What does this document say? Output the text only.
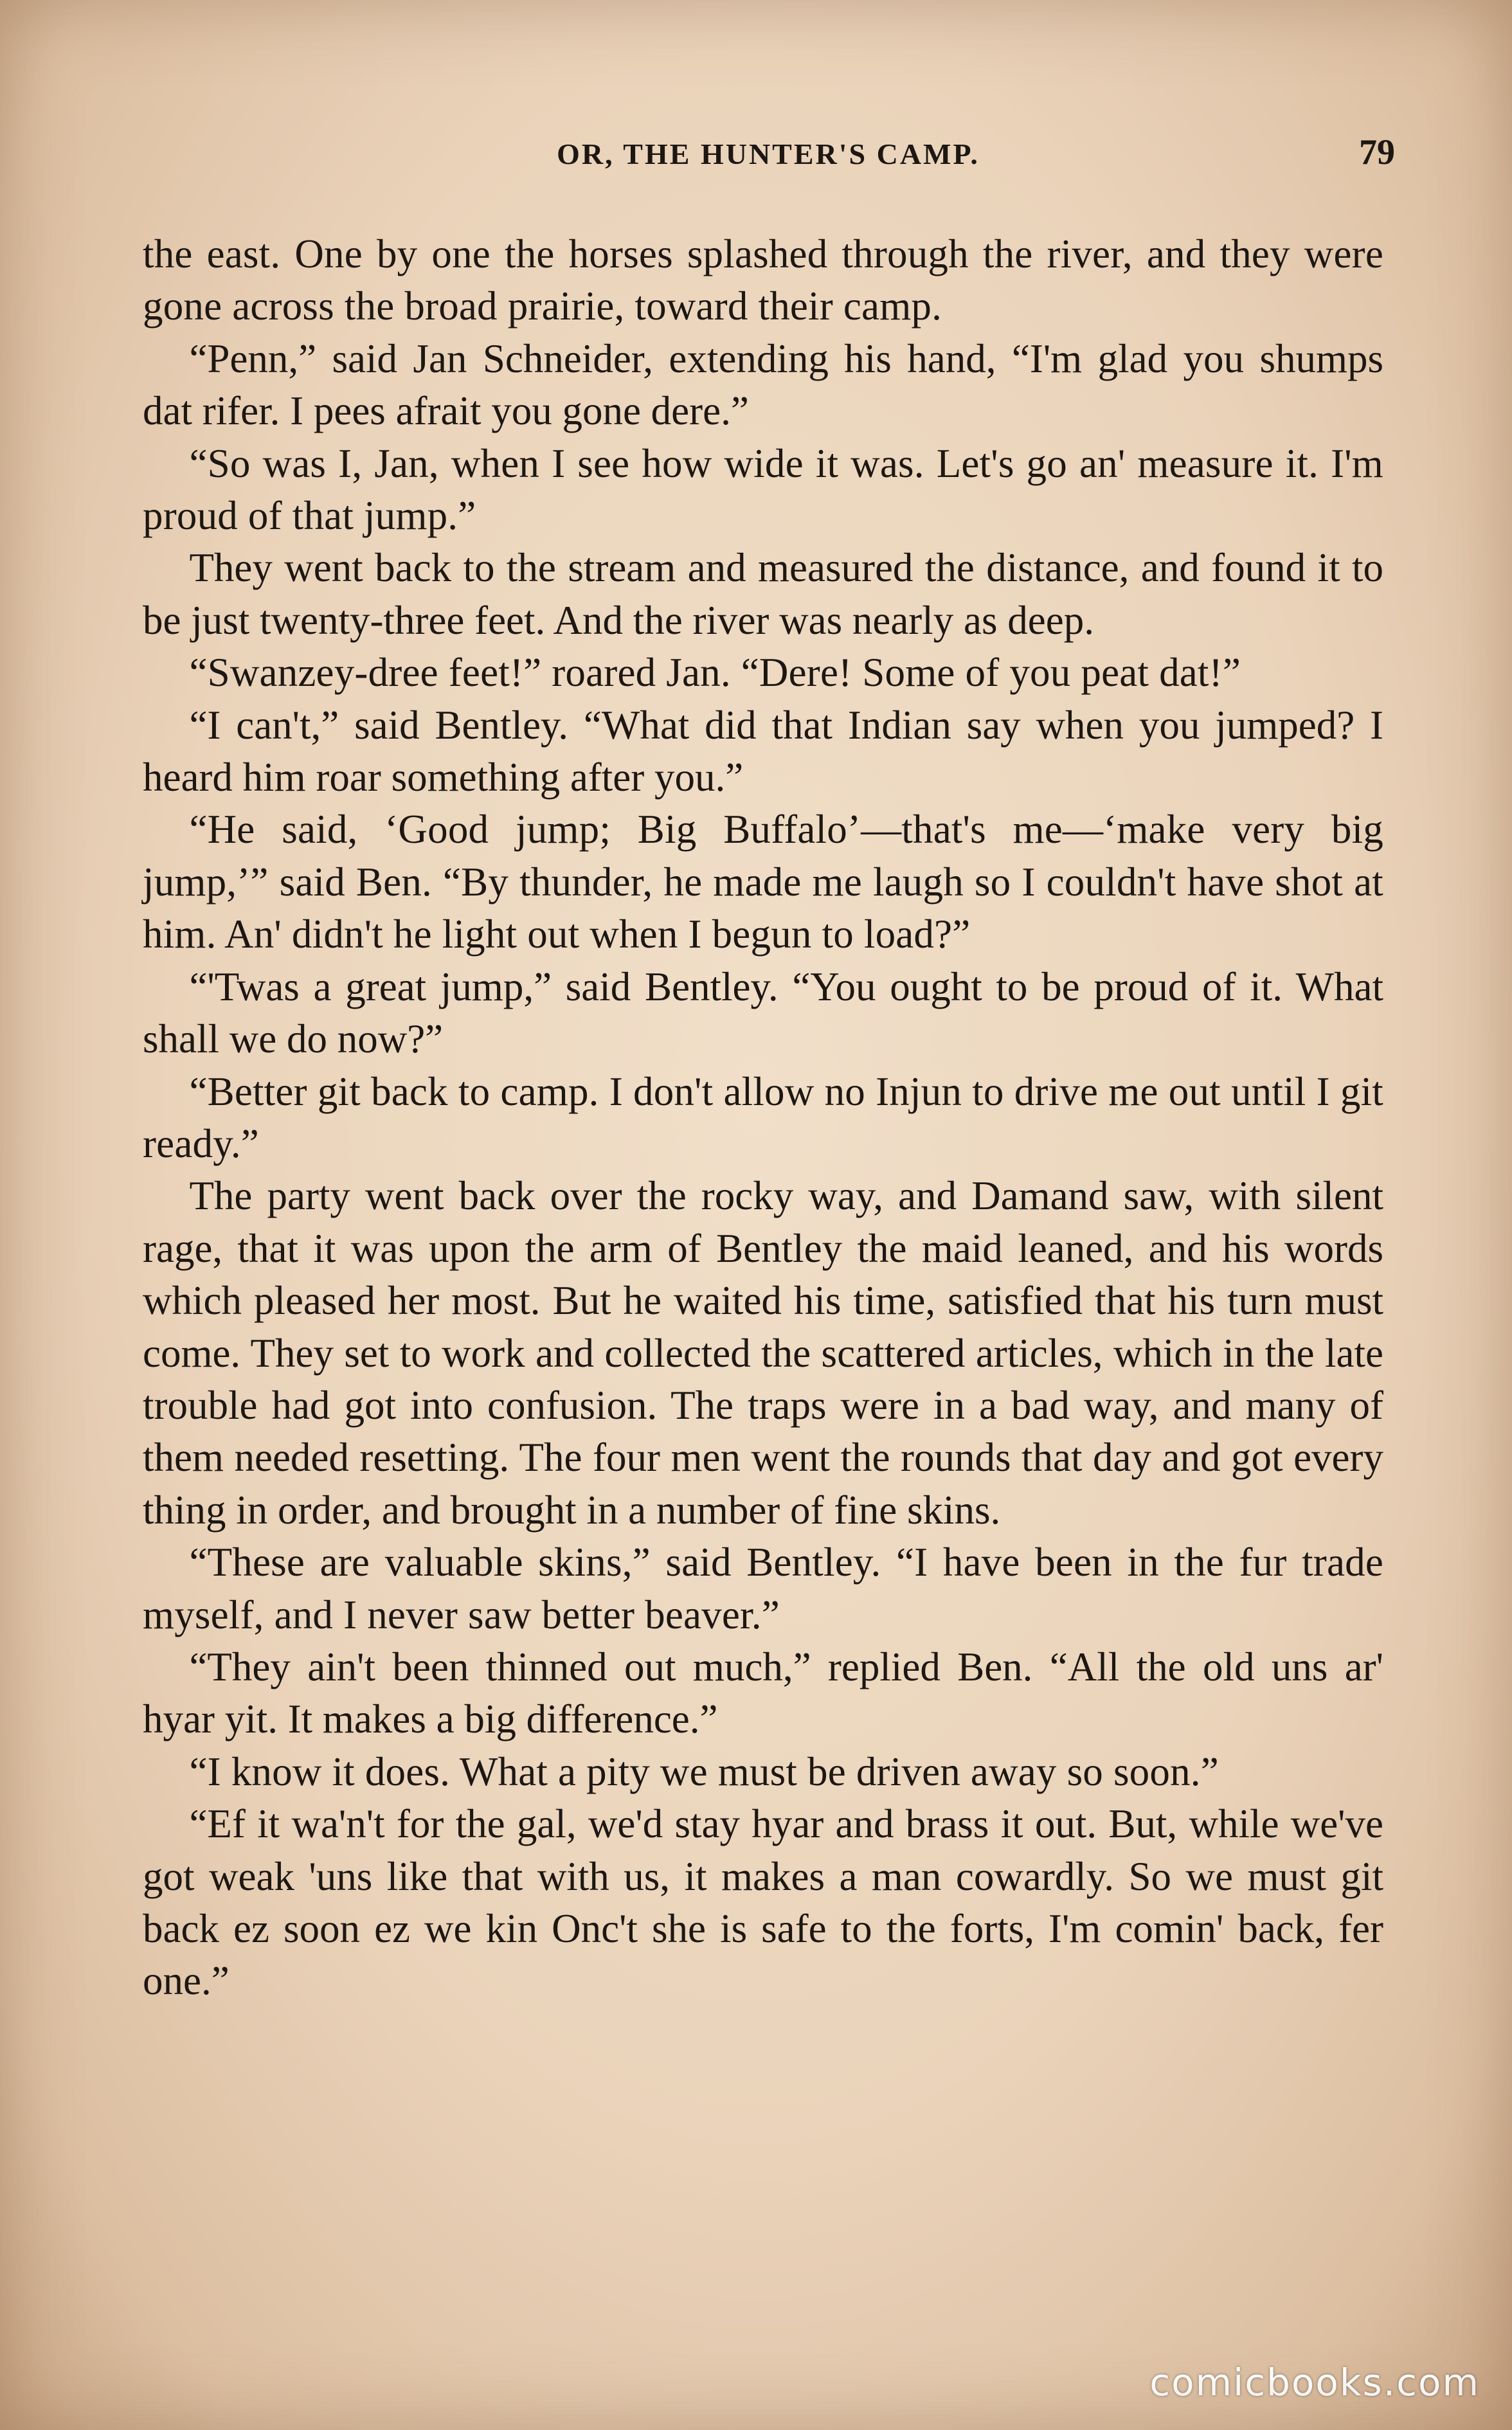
OR, THE HUNTER'S CAMP.	79

the east. One by one the horses splashed through the river, and they were gone across the broad prairie, toward their camp.

“Penn,” said Jan Schneider, extending his hand, “I'm glad you shumps dat rifer. I pees afrait you gone dere.”

“So was I, Jan, when I see how wide it was. Let's go an' measure it. I'm proud of that jump.”

They went back to the stream and measured the distance, and found it to be just twenty-three feet. And the river was nearly as deep.

“Swanzey-dree feet!” roared Jan. “Dere! Some of you peat dat!”

“I can't,” said Bentley. “What did that Indian say when you jumped? I heard him roar something after you.”

“He said, ‘Good jump; Big Buffalo’—that's me—‘make very big jump,’” said Ben. “By thunder, he made me laugh so I couldn't have shot at him. An' didn't he light out when I begun to load?”

“'Twas a great jump,” said Bentley. “You ought to be proud of it. What shall we do now?”

“Better git back to camp. I don't allow no Injun to drive me out until I git ready.”

The party went back over the rocky way, and Damand saw, with silent rage, that it was upon the arm of Bentley the maid leaned, and his words which pleased her most. But he waited his time, satisfied that his turn must come. They set to work and collected the scattered articles, which in the late trouble had got into confusion. The traps were in a bad way, and many of them needed resetting. The four men went the rounds that day and got every thing in order, and brought in a number of fine skins.

“These are valuable skins,” said Bentley. “I have been in the fur trade myself, and I never saw better beaver.”

“They ain't been thinned out much,” replied Ben. “All the old uns ar' hyar yit. It makes a big difference.”

“I know it does. What a pity we must be driven away so soon.”

“Ef it wa'n't for the gal, we'd stay hyar and brass it out. But, while we've got weak 'uns like that with us, it makes a man cowardly. So we must git back ez soon ez we kin Onc't she is safe to the forts, I'm comin' back, fer one.”

comicbooks.com
